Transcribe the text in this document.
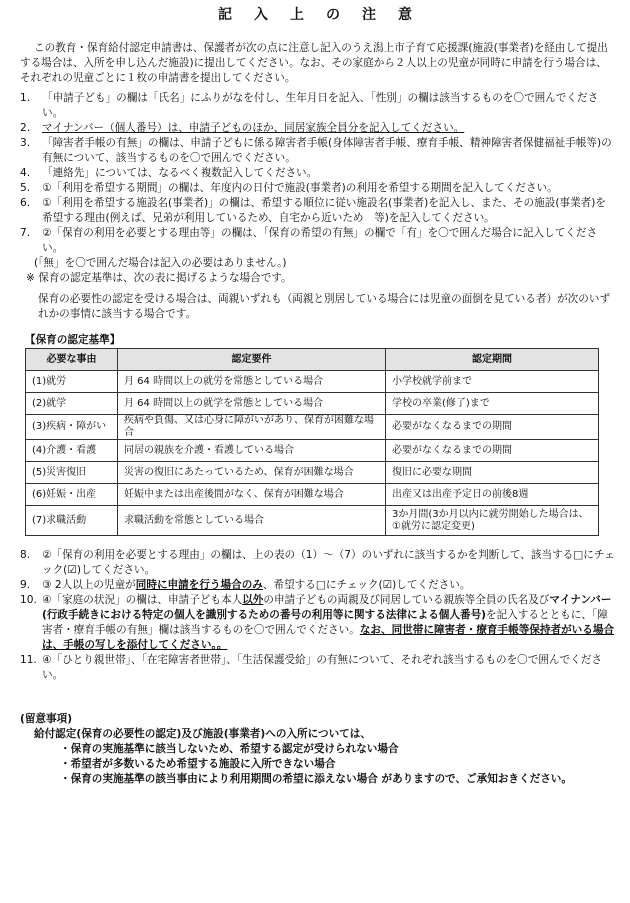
記 入 上 の 注 意
この教育・保育給付認定申請書は、保護者が次の点に注意し記入のうえ潟上市子育て応援課(施設(事業者)を経由して提出する場合は、入所を申し込んだ施設)に提出してください。なお、その家庭から２人以上の児童が同時に申請を行う場合は、それぞれの児童ごとに１枚の申請書を提出してください。
1.	「申請子ども」の欄は「氏名」にふりがなを付し、生年月日を記入、「性別」の欄は該当するものを〇で囲んでください。
2.	マイナンバー（個人番号）は、申請子どものほか、同居家族全員分を記入してください。
3.	「障害者手帳の有無」の欄は、申請子どもに係る障害者手帳(身体障害者手帳、療育手帳、精神障害者保健福祉手帳等)の有無について、該当するものを〇で囲んでください。
4.	「連絡先」については、なるべく複数記入してください。
5.	①「利用を希望する期間」の欄は、年度内の日付で施設(事業者)の利用を希望する期間を記入してください。
6.	①「利用を希望する施設名(事業者)」の欄は、希望する順位に従い施設名(事業者)を記入し、また、その施設(事業者)を希望する理由(例えば、兄弟が利用しているため、自宅から近いため　等)を記入してください。
7.	②「保育の利用を必要とする理由等」の欄は、「保育の希望の有無」の欄で「有」を〇で囲んだ場合に記入してください。
(「無」を〇で囲んだ場合は記入の必要はありません。)
※ 保育の認定基準は、次の表に掲げるような場合です。
保育の必要性の認定を受ける場合は、両親いずれも（両親と別居している場合には児童の面倒を見ている者）が次のいずれかの事情に該当する場合です。
【保育の認定基準】
必要な事由	認定要件	認定期間
(1)就労	月 64 時間以上の就労を常態としている場合	小学校就学前まで
(2)就学	月 64 時間以上の就学を常態としている場合	学校の卒業(修了)まで
(3)疾病・障がい	疾病や負傷、又は心身に障がいがあり、保育が困難な場合	必要がなくなるまでの期間
(4)介護・看護	同居の親族を介護・看護している場合	必要がなくなるまでの期間
(5)災害復旧	災害の復旧にあたっているため、保育が困難な場合	復旧に必要な期間
(6)妊娠・出産	妊娠中または出産後間がなく、保育が困難な場合	出産又は出産予定日の前後8週
(7)求職活動	求職活動を常態としている場合	3か月間(3か月以内に就労開始した場合は、①就労に認定変更)
8.	②「保育の利用を必要とする理由」の欄は、上の表の（1）～（7）のいずれに該当するかを判断して、該当する□にチェック(☑)してください。
9.	③ 2人以上の児童が同時に申請を行う場合のみ、希望する□にチェック(☑)してください。
10. ④「家庭の状況」の欄は、申請子ども本人以外の申請子どもの両親及び同居している親族等全員の氏名及びマイナンバー(行政手続きにおける特定の個人を識別するための番号の利用等に関する法律による個人番号)を記入するとともに、「障害者・療育手帳の有無」欄は該当するものを〇で囲んでください。なお、同世帯に障害者・療育手帳等保持者がいる場合は、手帳の写しを添付してください。。
11. ④「ひとり親世帯」、「在宅障害者世帯」、「生活保護受給」の有無について、それぞれ該当するものを〇で囲んでください。
(留意事項)
給付認定(保育の必要性の認定)及び施設(事業者)への入所については、
・保育の実施基準に該当しないため、希望する認定が受けられない場合
・希望者が多数いるため希望する施設に入所できない場合
・保育の実施基準の該当事由により利用期間の希望に添えない場合 がありますので、ご承知おきください。
